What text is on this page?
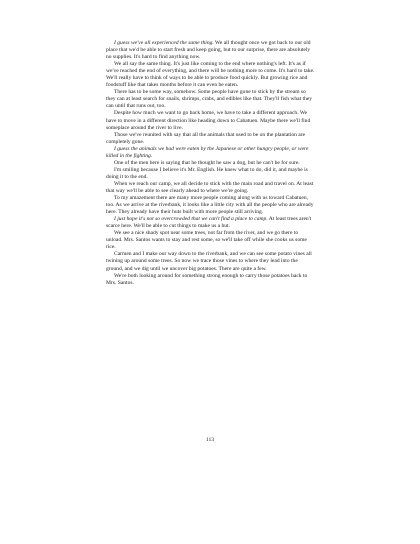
I guess we've all experienced the same thing. We all thought once we got back to our old place that we'd be able to start fresh and keep going, but to our surprise, there are absolutely no supplies. It's hard to find anything now.

We all say the same thing. It's just like coming to the end where nothing's left. It's as if we've reached the end of everything, and there will be nothing more to come. It's hard to take. We'll really have to think of ways to be able to produce food quickly. But growing rice and foodstuff like that takes months before it can even be eaten.

There has to be some way, somehow. Some people have gone to stick by the stream so they can at least search for snails, shrimps, crabs, and edibles like that. They'll fish what they can until that runs out, too.

Despite how much we want to go back home, we have to take a different approach. We have to move in a different direction like heading down to Cabatuen. Maybe there we'll find someplace around the river to live.

Those we've reunited with say that all the animals that used to be on the plantation are completely gone.

I guess the animals we had were eaten by the Japanese or other hungry people, or were killed in the fighting.

One of the men here is saying that he thought he saw a dog, but he can't be for sure.

I'm smiling because I believe it's Mr. English. He knew what to do, did it, and maybe is doing it to the end.

When we reach our camp, we all decide to stick with the main road and travel on. At least that way we'll be able to see clearly ahead to where we're going.

To my amazement there are many more people coming along with us toward Cabatuen, too. As we arrive at the riverbank, it looks like a little city with all the people who are already here. They already have their huts built with more people still arriving.

I just hope it's not so overcrowded that we can't find a place to camp. At least trees aren't scarce here. We'll be able to cut things to make us a hut.

We see a nice shady spot near some trees, not far from the river, and we go there to unload. Mrs. Santos wants to stay and rest some, so we'll take off while she cooks us some rice.

Carmen and I make our way down to the riverbank, and we can see some potato vines all twining up around some trees. So now we trace those vines to where they lead into the ground, and we dig until we uncover big potatoes. There are quite a few.

We're both looking around for something strong enough to carry those potatoes back to Mrs. Santos.

113
